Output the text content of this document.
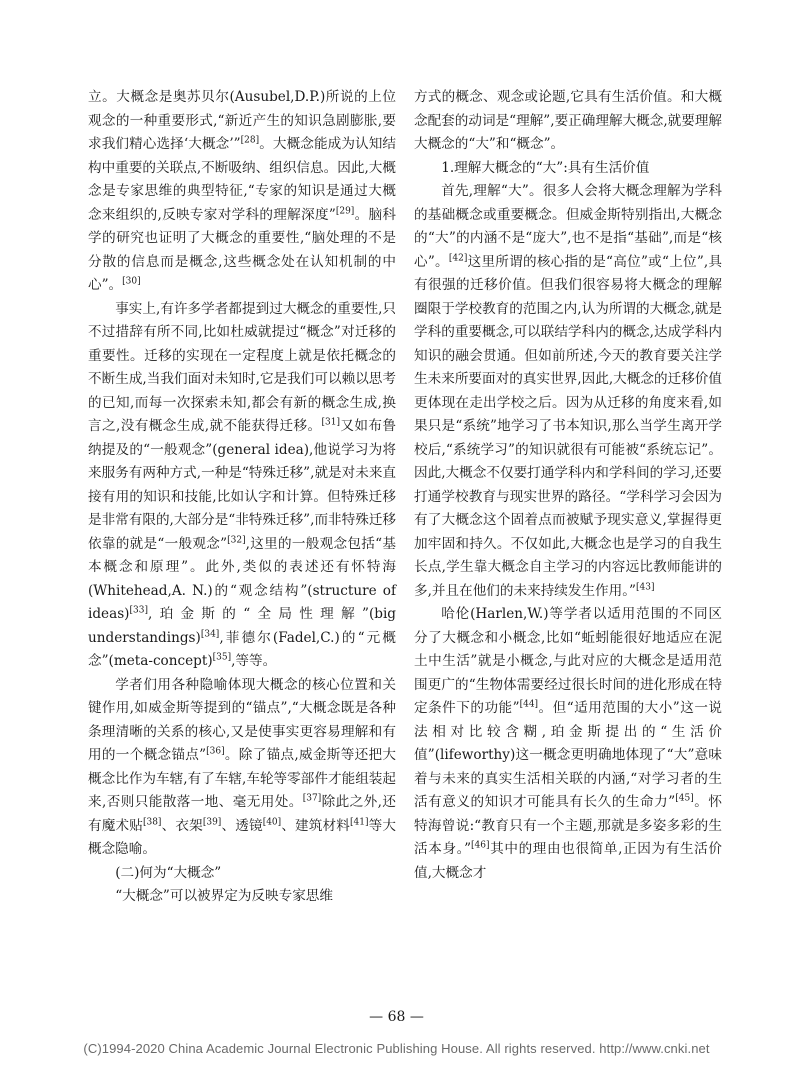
立。大概念是奥苏贝尔(Ausubel,D.P.)所说的上位观念的一种重要形式,“新近产生的知识急剧膨胀,要求我们精心选择‘大概念’”[28]。大概念能成为认知结构中重要的关联点,不断吸纳、组织信息。因此,大概念是专家思维的典型特征,“专家的知识是通过大概念来组织的,反映专家对学科的理解深度”[29]。脑科学的研究也证明了大概念的重要性,“脑处理的不是分散的信息而是概念,这些概念处在认知机制的中心”。[30]

事实上,有许多学者都提到过大概念的重要性,只不过措辞有所不同,比如杜威就提过“概念”对迁移的重要性。迁移的实现在一定程度上就是依托概念的不断生成,当我们面对未知时,它是我们可以赖以思考的已知,而每一次探索未知,都会有新的概念生成,换言之,没有概念生成,就不能获得迁移。[31]又如布鲁纳提及的“一般观念”(general idea),他说学习为将来服务有两种方式,一种是“特殊迁移”,就是对未来直接有用的知识和技能,比如认字和计算。但特殊迁移是非常有限的,大部分是“非特殊迁移”,而非特殊迁移依靠的就是“一般观念”[32],这里的一般观念包括“基本概念和原理”。此外,类似的表述还有怀特海(Whitehead,A. N.)的“观念结构”(structure of ideas)[33],珀金斯的“全局性理解”(big understandings)[34],菲德尔(Fadel,C.)的“元概念”(meta-concept)[35],等等。

学者们用各种隐喻体现大概念的核心位置和关键作用,如威金斯等提到的“锚点”,“大概念既是各种条理清晰的关系的核心,又是使事实更容易理解和有用的一个概念锚点”[36]。除了锚点,威金斯等还把大概念比作为车辖,有了车辖,车轮等零部件才能组装起来,否则只能散落一地、毫无用处。[37]除此之外,还有魔术贴[38]、衣架[39]、透镜[40]、建筑材料[41]等大概念隐喻。

(二)何为“大概念”

“大概念”可以被界定为反映专家思维

方式的概念、观念或论题,它具有生活价值。和大概念配套的动词是“理解”,要正确理解大概念,就要理解大概念的“大”和“概念”。

1.理解大概念的“大”:具有生活价值

首先,理解“大”。很多人会将大概念理解为学科的基础概念或重要概念。但威金斯特别指出,大概念的“大”的内涵不是“庞大”,也不是指“基础”,而是“核心”。[42]这里所谓的核心指的是“高位”或“上位”,具有很强的迁移价值。但我们很容易将大概念的理解圈限于学校教育的范围之内,认为所谓的大概念,就是学科的重要概念,可以联结学科内的概念,达成学科内知识的融会贯通。但如前所述,今天的教育要关注学生未来所要面对的真实世界,因此,大概念的迁移价值更体现在走出学校之后。因为从迁移的角度来看,如果只是“系统”地学习了书本知识,那么当学生离开学校后,“系统学习”的知识就很有可能被“系统忘记”。因此,大概念不仅要打通学科内和学科间的学习,还要打通学校教育与现实世界的路径。“学科学习会因为有了大概念这个固着点而被赋予现实意义,掌握得更加牢固和持久。不仅如此,大概念也是学习的自我生长点,学生靠大概念自主学习的内容远比教师能讲的多,并且在他们的未来持续发生作用。”[43]

哈伦(Harlen,W.)等学者以适用范围的不同区分了大概念和小概念,比如“蚯蚓能很好地适应在泥土中生活”就是小概念,与此对应的大概念是适用范围更广的“生物体需要经过很长时间的进化形成在特定条件下的功能”[44]。但“适用范围的大小”这一说法相对比较含糊,珀金斯提出的“生活价值”(lifeworthy)这一概念更明确地体现了“大”意味着与未来的真实生活相关联的内涵,“对学习者的生活有意义的知识才可能具有长久的生命力”[45]。怀特海曾说:“教育只有一个主题,那就是多姿多彩的生活本身。”[46]其中的理由也很简单,正因为有生活价值,大概念才

— 68 —
(C)1994-2020 China Academic Journal Electronic Publishing House. All rights reserved. http://www.cnki.net
